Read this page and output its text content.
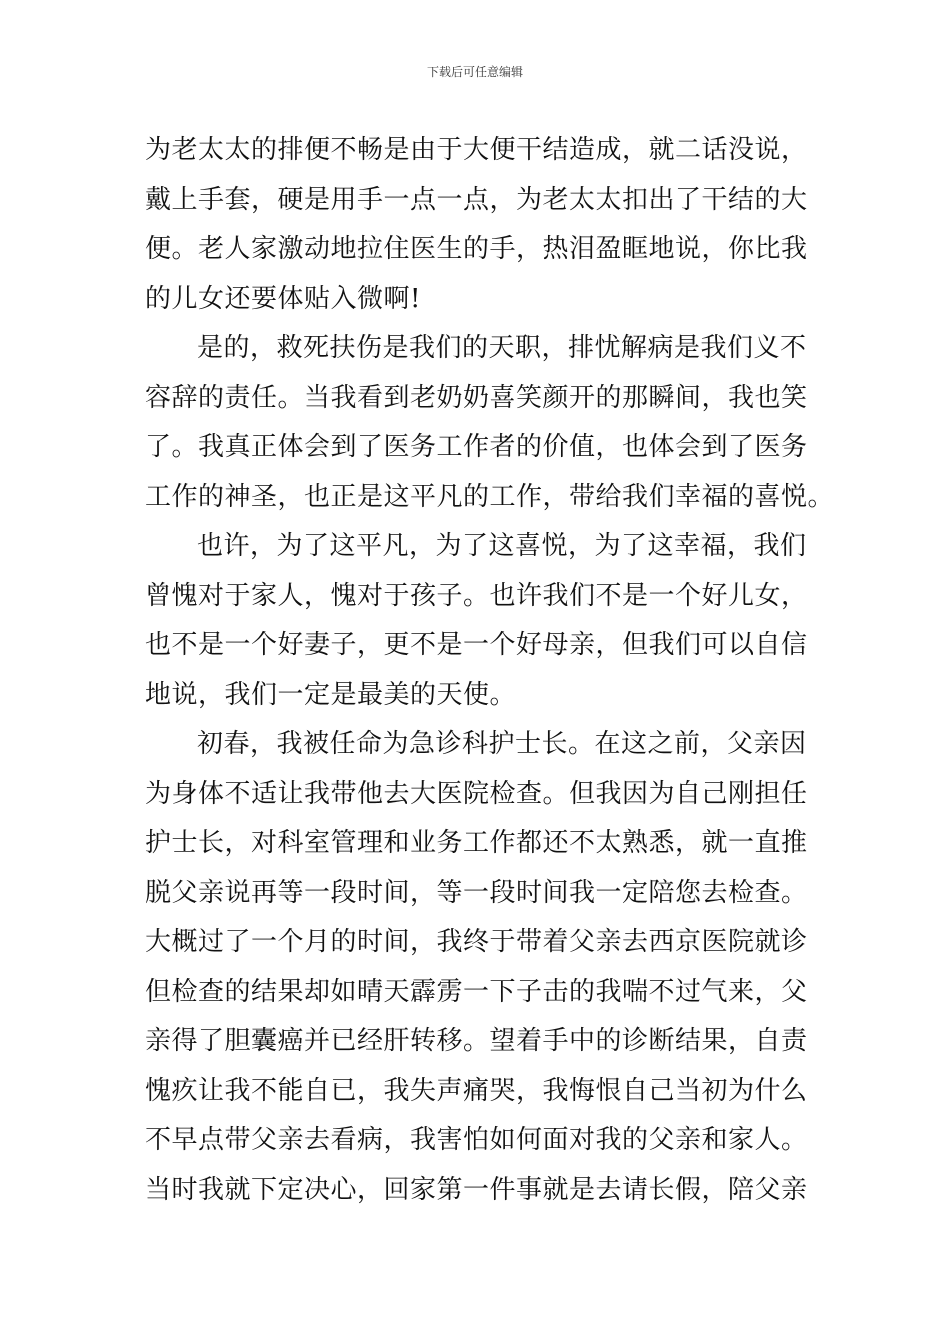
下载后可任意编辑
为老太太的排便不畅是由于大便干结造成，就二话没说，
戴上手套，硬是用手一点一点，为老太太扣出了干结的大
便。老人家激动地拉住医生的手，热泪盈眶地说，你比我
的儿女还要体贴入微啊!
是的，救死扶伤是我们的天职，排忧解病是我们义不
容辞的责任。当我看到老奶奶喜笑颜开的那瞬间，我也笑
了。我真正体会到了医务工作者的价值，也体会到了医务
工作的神圣，也正是这平凡的工作，带给我们幸福的喜悦。
也许，为了这平凡，为了这喜悦，为了这幸福，我们
曾愧对于家人，愧对于孩子。也许我们不是一个好儿女，
也不是一个好妻子，更不是一个好母亲，但我们可以自信
地说，我们一定是最美的天使。
初春，我被任命为急诊科护士长。在这之前，父亲因
为身体不适让我带他去大医院检查。但我因为自己刚担任
护士长，对科室管理和业务工作都还不太熟悉，就一直推
脱父亲说再等一段时间，等一段时间我一定陪您去检查。
大概过了一个月的时间，我终于带着父亲去西京医院就诊
但检查的结果却如晴天霹雳一下子击的我喘不过气来，父
亲得了胆囊癌并已经肝转移。望着手中的诊断结果，自责
愧疚让我不能自已，我失声痛哭，我悔恨自己当初为什么
不早点带父亲去看病，我害怕如何面对我的父亲和家人。
当时我就下定决心，回家第一件事就是去请长假，陪父亲
